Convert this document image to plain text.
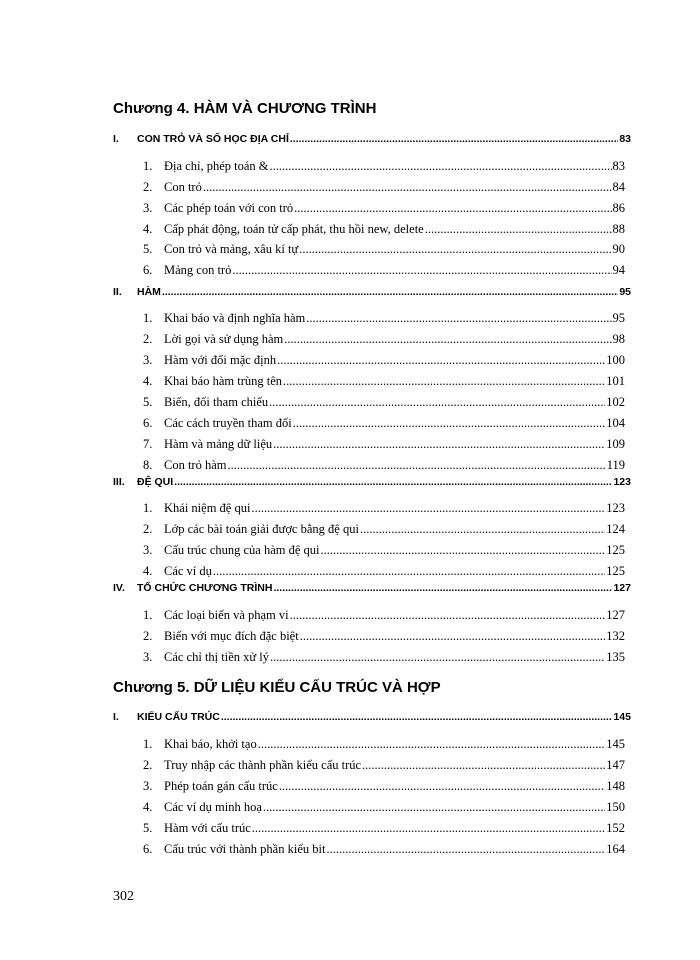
Chương 4. HÀM VÀ CHƯƠNG TRÌNH
I.	CON TRỎ VÀ SỐ HỌC ĐỊA CHỈ .....	83
1. Địa chỉ, phép toán & .....	83
2. Con trỏ .....	84
3. Các phép toán với con trỏ .....	86
4. Cấp phát động, toán tử cấp phát, thu hồi new, delete .....	88
5. Con trỏ và mảng, xâu kí tự .....	90
6. Mảng con trỏ .....	94
II.	HÀM .....	95
1. Khai báo và định nghĩa hàm .....	95
2. Lời gọi và sử dụng hàm .....	98
3. Hàm với đối mặc định .....	100
4. Khai báo hàm trùng tên .....	101
5. Biến, đối tham chiếu .....	102
6. Các cách truyền tham đối .....	104
7. Hàm và mảng dữ liệu .....	109
8. Con trỏ hàm .....	119
III.	ĐỆ QUI .....	123
1. Khái niệm đệ qui .....	123
2. Lớp các bài toán giải được bằng đệ qui .....	124
3. Cấu trúc chung của hàm đệ qui .....	125
4. Các ví dụ .....	125
IV.	TỔ CHỨC CHƯƠNG TRÌNH .....	127
1. Các loại biến và phạm vi .....	127
2. Biến với mục đích đặc biệt .....	132
3. Các chỉ thị tiền xử lý .....	135
Chương 5. DỮ LIỆU KIỂU CẤU TRÚC VÀ HỢP
I.	KIỂU CẤU TRÚC .....	145
1. Khai báo, khởi tạo .....	145
2. Truy nhập các thành phần kiểu cấu trúc .....	147
3. Phép toán gán cấu trúc .....	148
4. Các ví dụ minh hoạ .....	150
5. Hàm với cấu trúc .....	152
6. Cấu trúc với thành phần kiểu bit .....	164
302
